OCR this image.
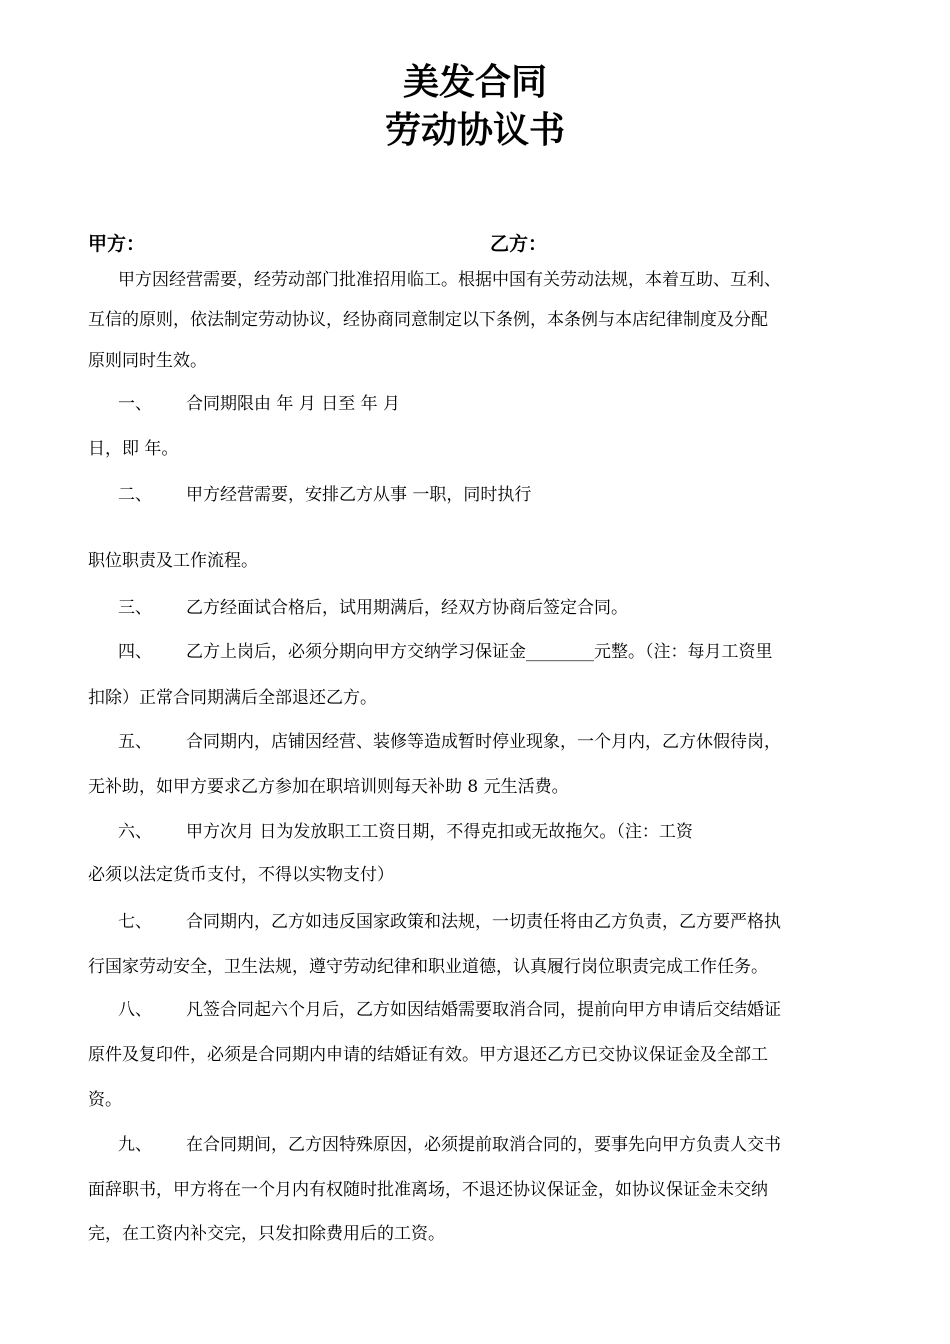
美发合同
劳动协议书
甲方：	乙方：
甲方因经营需要，经劳动部门批准招用临工。根据中国有关劳动法规，本着互助、互利、
互信的原则，依法制定劳动协议，经协商同意制定以下条例，本条例与本店纪律制度及分配
原则同时生效。
一、 合同期限由 年 月 日至 年 月
日，即 年。
二、 甲方经营需要，安排乙方从事 一职，同时执行
职位职责及工作流程。
三、 乙方经面试合格后，试用期满后，经双方协商后签定合同。
四、 乙方上岗后，必须分期向甲方交纳学习保证金________元整。（注：每月工资里
扣除）正常合同期满后全部退还乙方。
五、 合同期内，店铺因经营、装修等造成暂时停业现象，一个月内，乙方休假待岗，
无补助，如甲方要求乙方参加在职培训则每天补助 8 元生活费。
六、 甲方次月 日为发放职工工资日期，不得克扣或无故拖欠。（注：工资
必须以法定货币支付，不得以实物支付）
七、 合同期内，乙方如违反国家政策和法规，一切责任将由乙方负责，乙方要严格执
行国家劳动安全，卫生法规，遵守劳动纪律和职业道德，认真履行岗位职责完成工作任务。
八、 凡签合同起六个月后，乙方如因结婚需要取消合同，提前向甲方申请后交结婚证
原件及复印件，必须是合同期内申请的结婚证有效。甲方退还乙方已交协议保证金及全部工
资。
九、 在合同期间，乙方因特殊原因，必须提前取消合同的，要事先向甲方负责人交书
面辞职书，甲方将在一个月内有权随时批准离场，不退还协议保证金，如协议保证金未交纳
完，在工资内补交完，只发扣除费用后的工资。
